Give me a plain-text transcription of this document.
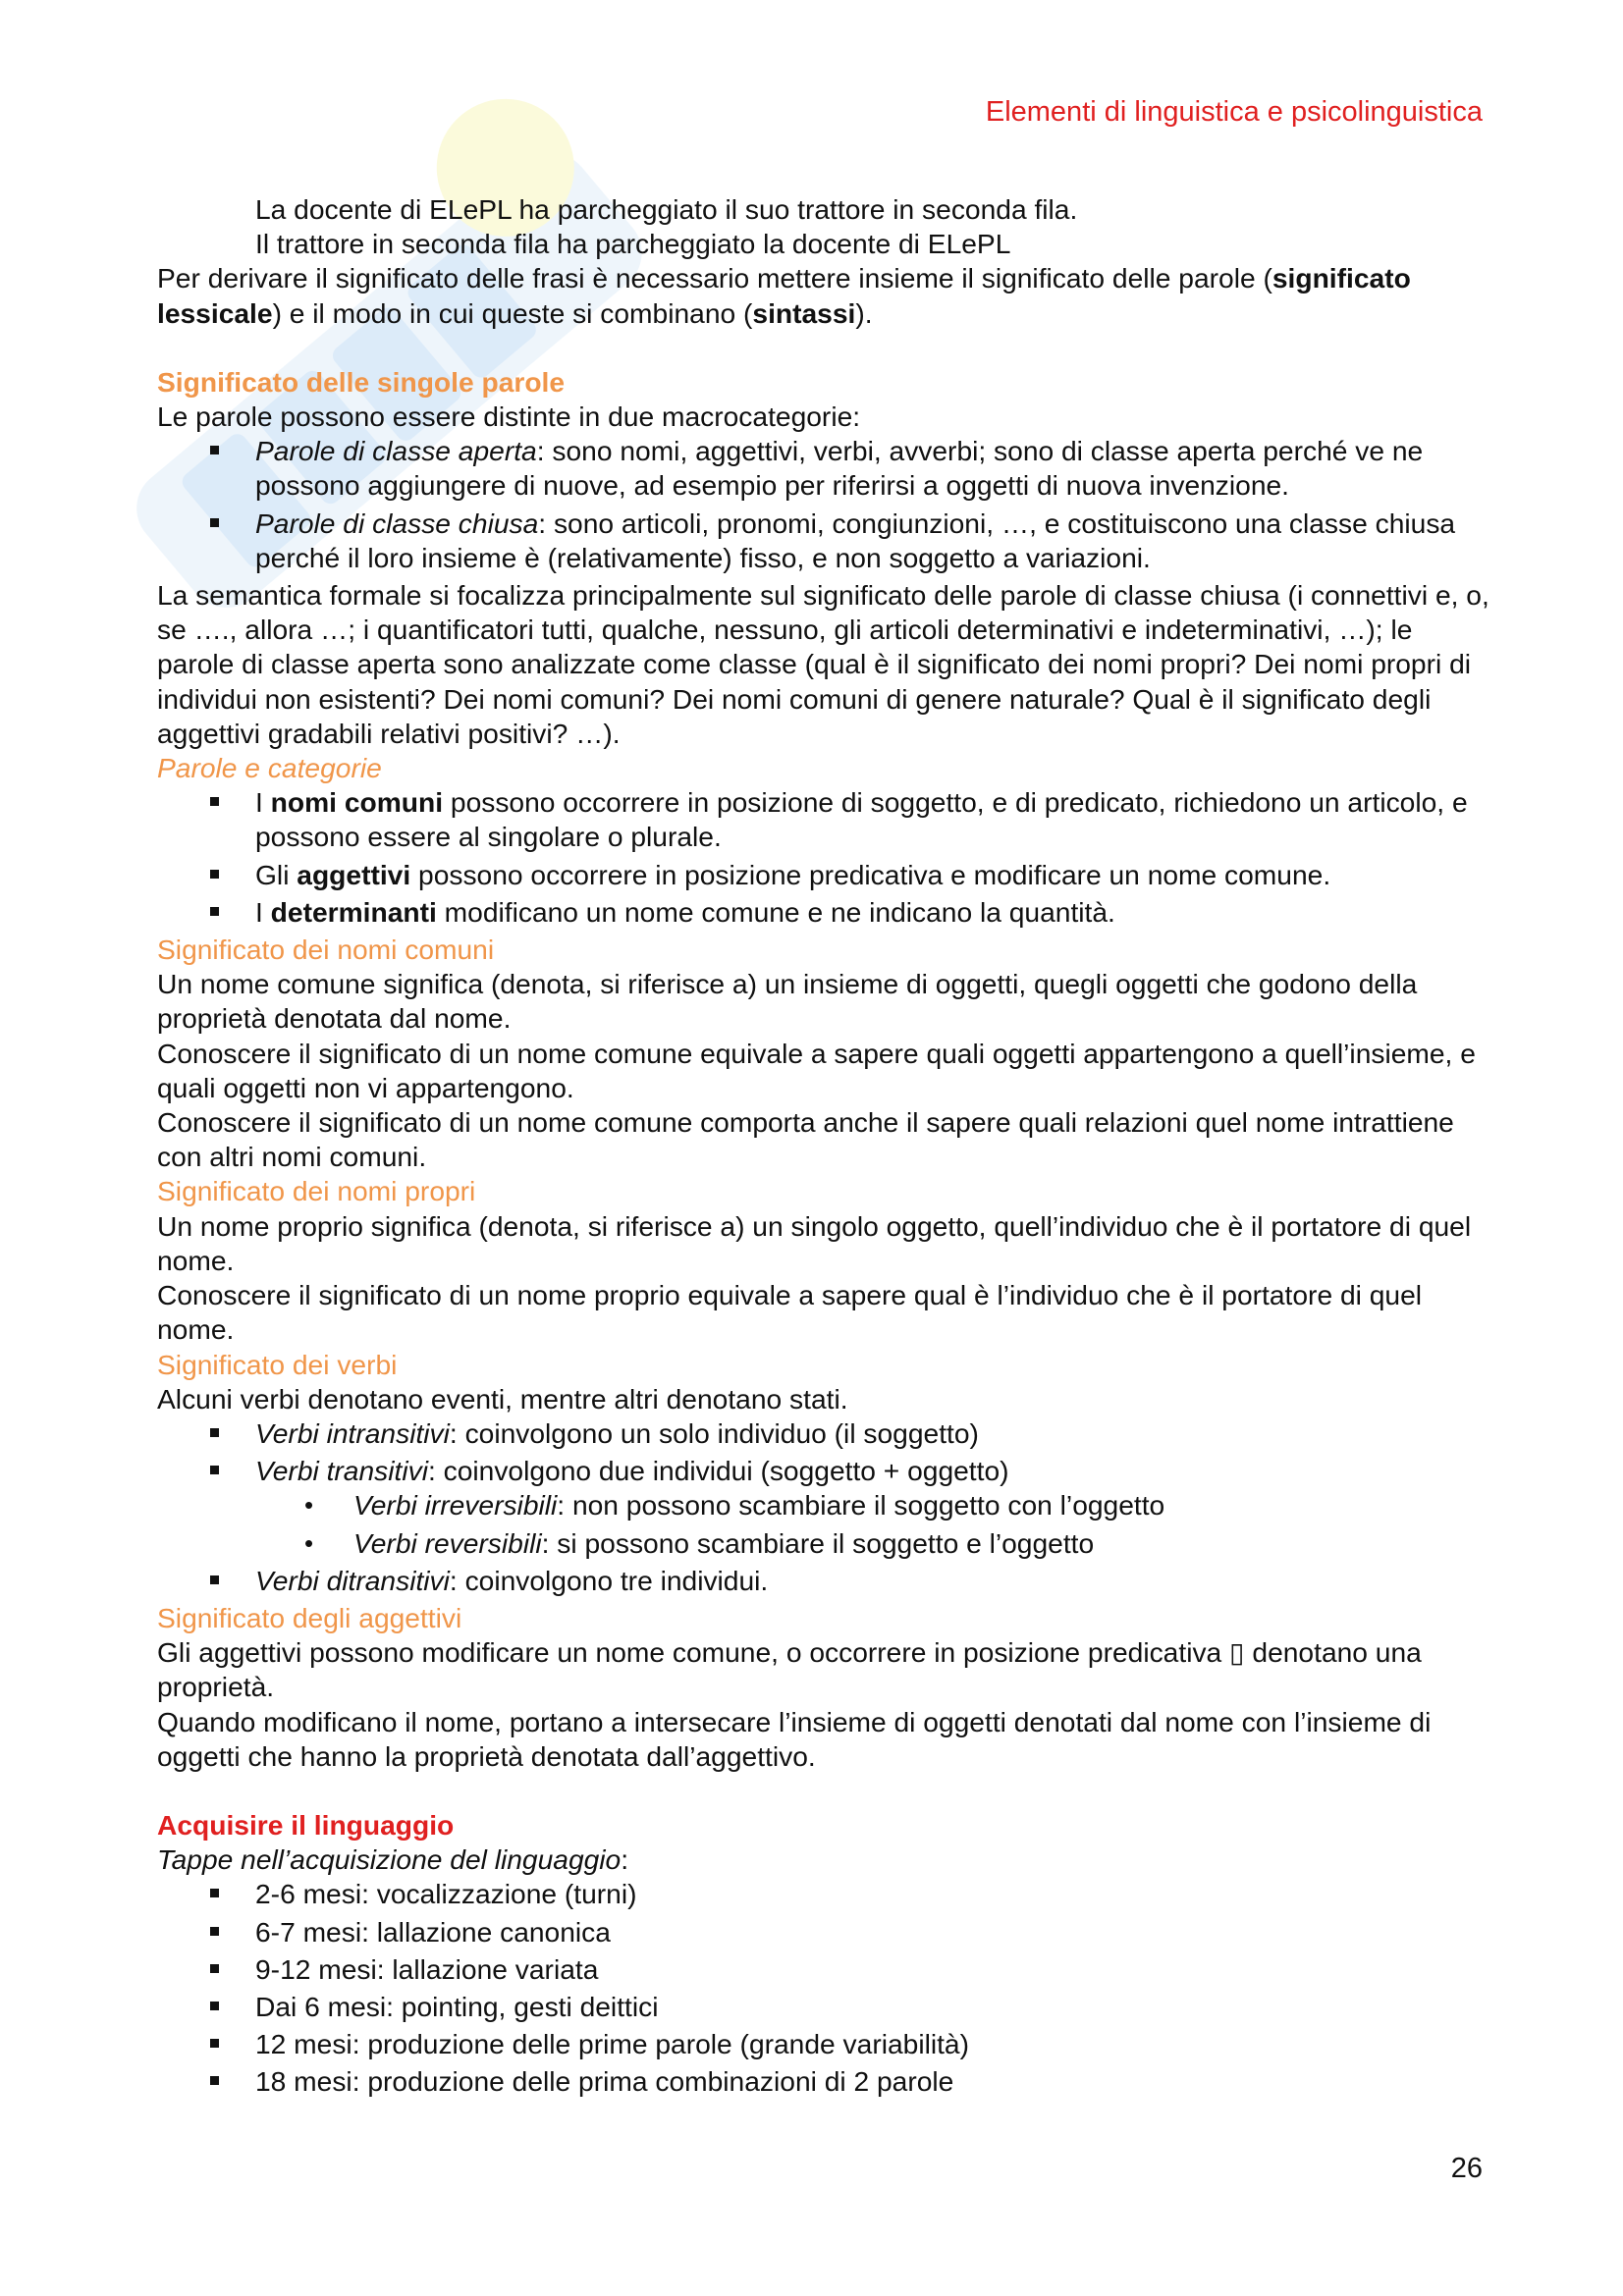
Elementi di linguistica e psicolinguistica

La docente di ELePL ha parcheggiato il suo trattore in seconda fila.

Il trattore in seconda fila ha parcheggiato la docente di ELePL

Per derivare il significato delle frasi è necessario mettere insieme il significato delle parole (significato lessicale) e il modo in cui queste si combinano (sintassi).

Significato delle singole parole

Le parole possono essere distinte in due macrocategorie:

Parole di classe aperta: sono nomi, aggettivi, verbi, avverbi; sono di classe aperta perché ve ne possono aggiungere di nuove, ad esempio per riferirsi a oggetti di nuova invenzione.
Parole di classe chiusa: sono articoli, pronomi, congiunzioni, …, e costituiscono una classe chiusa perché il loro insieme è (relativamente) fisso, e non soggetto a variazioni.

La semantica formale si focalizza principalmente sul significato delle parole di classe chiusa (i connettivi e, o, se …., allora …; i quantificatori tutti, qualche, nessuno, gli articoli determinativi e indeterminativi, …); le parole di classe aperta sono analizzate come classe (qual è il significato dei nomi propri? Dei nomi propri di individui non esistenti? Dei nomi comuni? Dei nomi comuni di genere naturale? Qual è il significato degli aggettivi gradabili relativi positivi? …).

Parole e categorie

I nomi comuni possono occorrere in posizione di soggetto, e di predicato, richiedono un articolo, e possono essere al singolare o plurale.
Gli aggettivi possono occorrere in posizione predicativa e modificare un nome comune.
I determinanti modificano un nome comune e ne indicano la quantità.

Significato dei nomi comuni

Un nome comune significa (denota, si riferisce a) un insieme di oggetti, quegli oggetti che godono della proprietà denotata dal nome.

Conoscere il significato di un nome comune equivale a sapere quali oggetti appartengono a quell’insieme, e quali oggetti non vi appartengono.

Conoscere il significato di un nome comune comporta anche il sapere quali relazioni quel nome intrattiene con altri nomi comuni.

Significato dei nomi propri

Un nome proprio significa (denota, si riferisce a) un singolo oggetto, quell’individuo che è il portatore di quel nome.

Conoscere il significato di un nome proprio equivale a sapere qual è l’individuo che è il portatore di quel nome.

Significato dei verbi

Alcuni verbi denotano eventi, mentre altri denotano stati.

Verbi intransitivi: coinvolgono un solo individuo (il soggetto)
Verbi transitivi: coinvolgono due individui (soggetto + oggetto)
• Verbi irreversibili: non possono scambiare il soggetto con l’oggetto
• Verbi reversibili: si possono scambiare il soggetto e l’oggetto
Verbi ditransitivi: coinvolgono tre individui.

Significato degli aggettivi

Gli aggettivi possono modificare un nome comune, o occorrere in posizione predicativa ▯ denotano una proprietà.

Quando modificano il nome, portano a intersecare l’insieme di oggetti denotati dal nome con l’insieme di oggetti che hanno la proprietà denotata dall’aggettivo.

Acquisire il linguaggio

Tappe nell’acquisizione del linguaggio:

2-6 mesi: vocalizzazione (turni)
6-7 mesi: lallazione canonica
9-12 mesi: lallazione variata
Dai 6 mesi: pointing, gesti deittici
12 mesi: produzione delle prime parole (grande variabilità)
18 mesi: produzione delle prima combinazioni di 2 parole
26
